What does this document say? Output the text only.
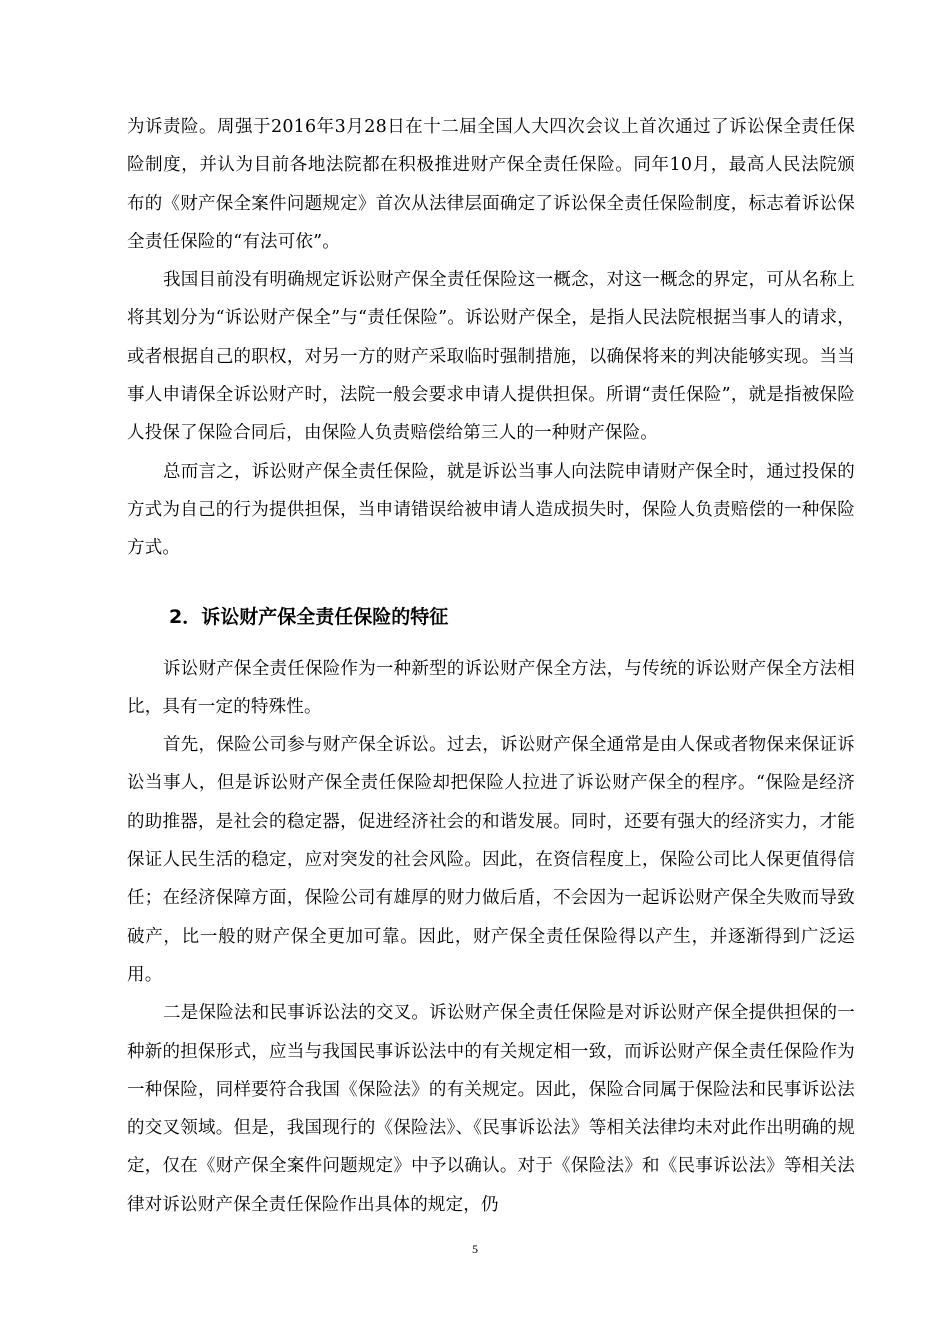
为诉责险。周强于2016年3月28日在十二届全国人大四次会议上首次通过了诉讼保全责任保险制度，并认为目前各地法院都在积极推进财产保全责任保险。同年10月，最高人民法院颁布的《财产保全案件问题规定》首次从法律层面确定了诉讼保全责任保险制度，标志着诉讼保全责任保险的“有法可依”。

我国目前没有明确规定诉讼财产保全责任保险这一概念，对这一概念的界定，可从名称上将其划分为“诉讼财产保全”与“责任保险”。诉讼财产保全，是指人民法院根据当事人的请求，或者根据自己的职权，对另一方的财产采取临时强制措施，以确保将来的判决能够实现。当当事人申请保全诉讼财产时，法院一般会要求申请人提供担保。所谓“责任保险”，就是指被保险人投保了保险合同后，由保险人负责赔偿给第三人的一种财产保险。

总而言之，诉讼财产保全责任保险，就是诉讼当事人向法院申请财产保全时，通过投保的方式为自己的行为提供担保，当申请错误给被申请人造成损失时，保险人负责赔偿的一种保险方式。

2．诉讼财产保全责任保险的特征

诉讼财产保全责任保险作为一种新型的诉讼财产保全方法，与传统的诉讼财产保全方法相比，具有一定的特殊性。

首先，保险公司参与财产保全诉讼。过去，诉讼财产保全通常是由人保或者物保来保证诉讼当事人，但是诉讼财产保全责任保险却把保险人拉进了诉讼财产保全的程序。“保险是经济的助推器，是社会的稳定器，促进经济社会的和谐发展。同时，还要有强大的经济实力，才能保证人民生活的稳定，应对突发的社会风险。因此，在资信程度上，保险公司比人保更值得信任；在经济保障方面，保险公司有雄厚的财力做后盾，不会因为一起诉讼财产保全失败而导致破产，比一般的财产保全更加可靠。因此，财产保全责任保险得以产生，并逐渐得到广泛运用。

二是保险法和民事诉讼法的交叉。诉讼财产保全责任保险是对诉讼财产保全提供担保的一种新的担保形式，应当与我国民事诉讼法中的有关规定相一致，而诉讼财产保全责任保险作为一种保险，同样要符合我国《保险法》的有关规定。因此，保险合同属于保险法和民事诉讼法的交叉领域。但是，我国现行的《保险法》、《民事诉讼法》等相关法律均未对此作出明确的规定，仅在《财产保全案件问题规定》中予以确认。对于《保险法》和《民事诉讼法》等相关法律对诉讼财产保全责任保险作出具体的规定，仍

5
